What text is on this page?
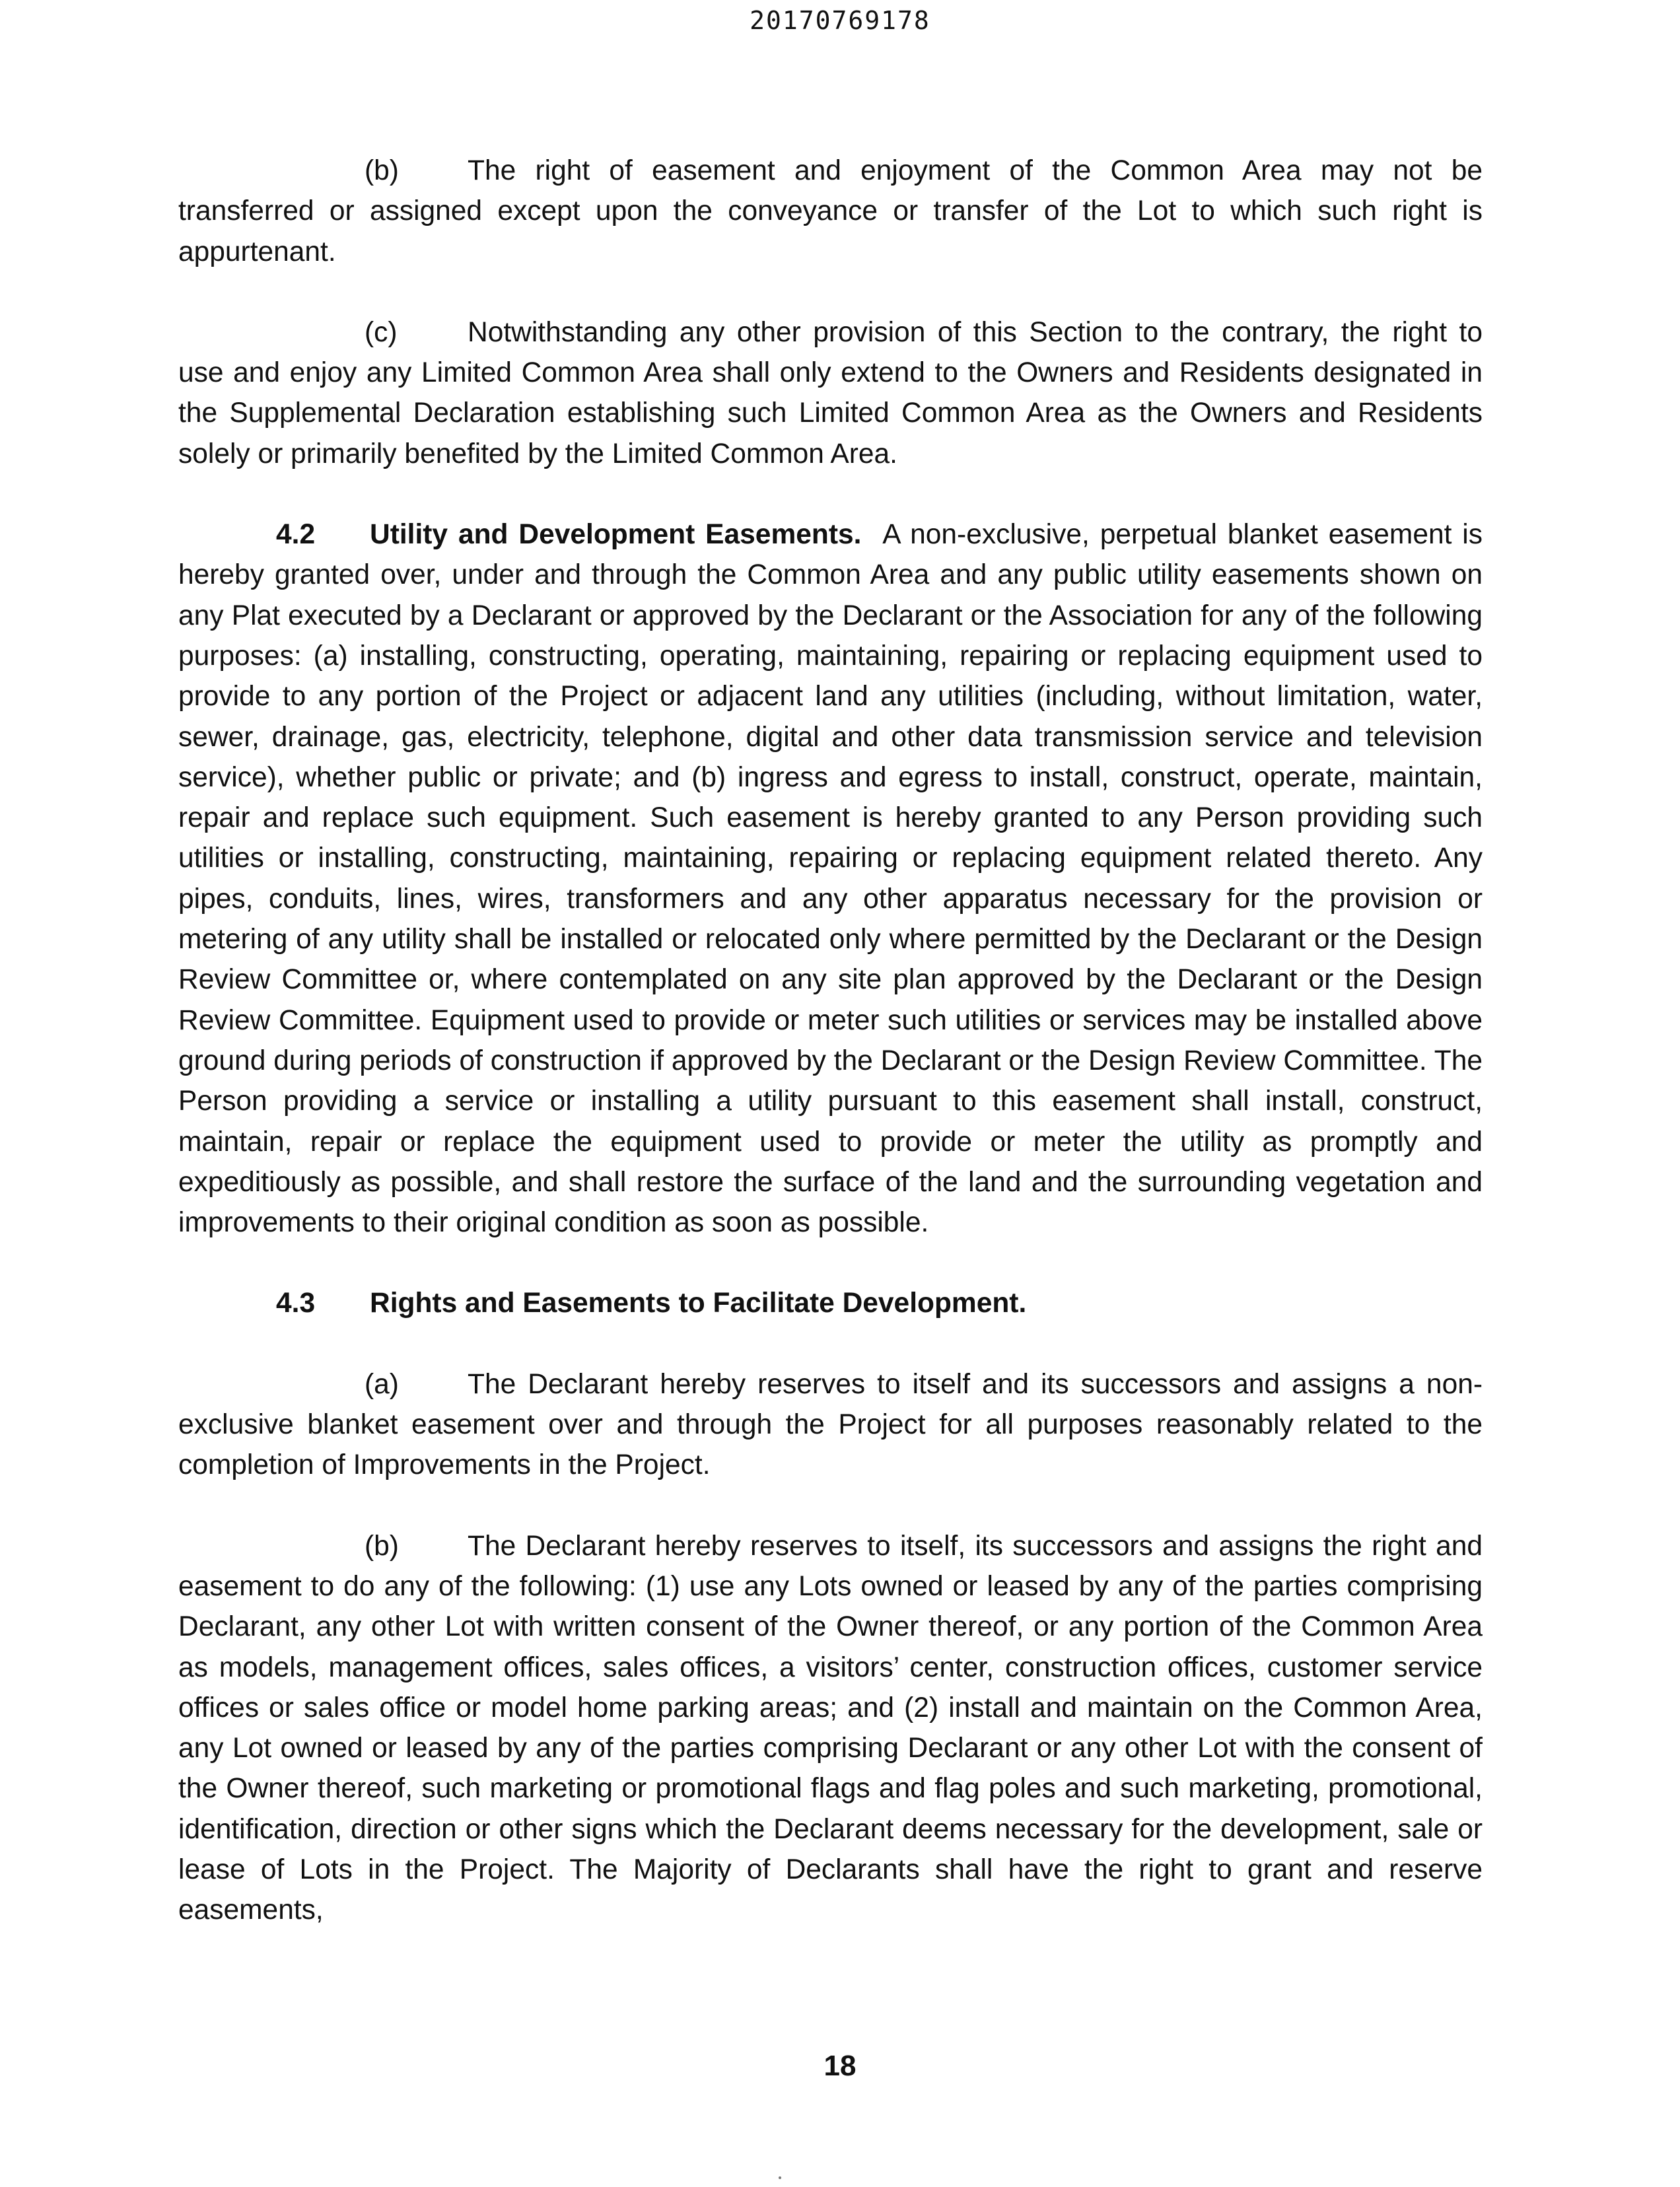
20170769178

(b) The right of easement and enjoyment of the Common Area may not be transferred or assigned except upon the conveyance or transfer of the Lot to which such right is appurtenant.

(c)	Notwithstanding any other provision of this Section to the contrary, the right to use and enjoy any Limited Common Area shall only extend to the Owners and Residents designated in the Supplemental Declaration establishing such Limited Common Area as the Owners and Residents solely or primarily benefited by the Limited Common Area.

4.2 Utility and Development Easements. A non-exclusive, perpetual blanket easement is hereby granted over, under and through the Common Area and any public utility easements shown on any Plat executed by a Declarant or approved by the Declarant or the Association for any of the following purposes: (a) installing, constructing, operating, maintaining, repairing or replacing equipment used to provide to any portion of the Project or adjacent land any utilities (including, without limitation, water, sewer, drainage, gas, electricity, telephone, digital and other data transmission service and television service), whether public or private; and (b) ingress and egress to install, construct, operate, maintain, repair and replace such equipment. Such easement is hereby granted to any Person providing such utilities or installing, constructing, maintaining, repairing or replacing equipment related thereto. Any pipes, conduits, lines, wires, transformers and any other apparatus necessary for the provision or metering of any utility shall be installed or relocated only where permitted by the Declarant or the Design Review Committee or, where contemplated on any site plan approved by the Declarant or the Design Review Committee. Equipment used to provide or meter such utilities or services may be installed above ground during periods of construction if approved by the Declarant or the Design Review Committee. The Person providing a service or installing a utility pursuant to this easement shall install, construct, maintain, repair or replace the equipment used to provide or meter the utility as promptly and expeditiously as possible, and shall restore the surface of the land and the surrounding vegetation and improvements to their original condition as soon as possible.

4.3 Rights and Easements to Facilitate Development.

(a) The Declarant hereby reserves to itself and its successors and assigns a non-exclusive blanket easement over and through the Project for all purposes reasonably related to the completion of Improvements in the Project.

(b) The Declarant hereby reserves to itself, its successors and assigns the right and easement to do any of the following: (1) use any Lots owned or leased by any of the parties comprising Declarant, any other Lot with written consent of the Owner thereof, or any portion of the Common Area as models, management offices, sales offices, a visitors’ center, construction offices, customer service offices or sales office or model home parking areas; and (2) install and maintain on the Common Area, any Lot owned or leased by any of the parties comprising Declarant or any other Lot with the consent of the Owner thereof, such marketing or promotional flags and flag poles and such marketing, promotional, identification, direction or other signs which the Declarant deems necessary for the development, sale or lease of Lots in the Project. The Majority of Declarants shall have the right to grant and reserve easements,

18
